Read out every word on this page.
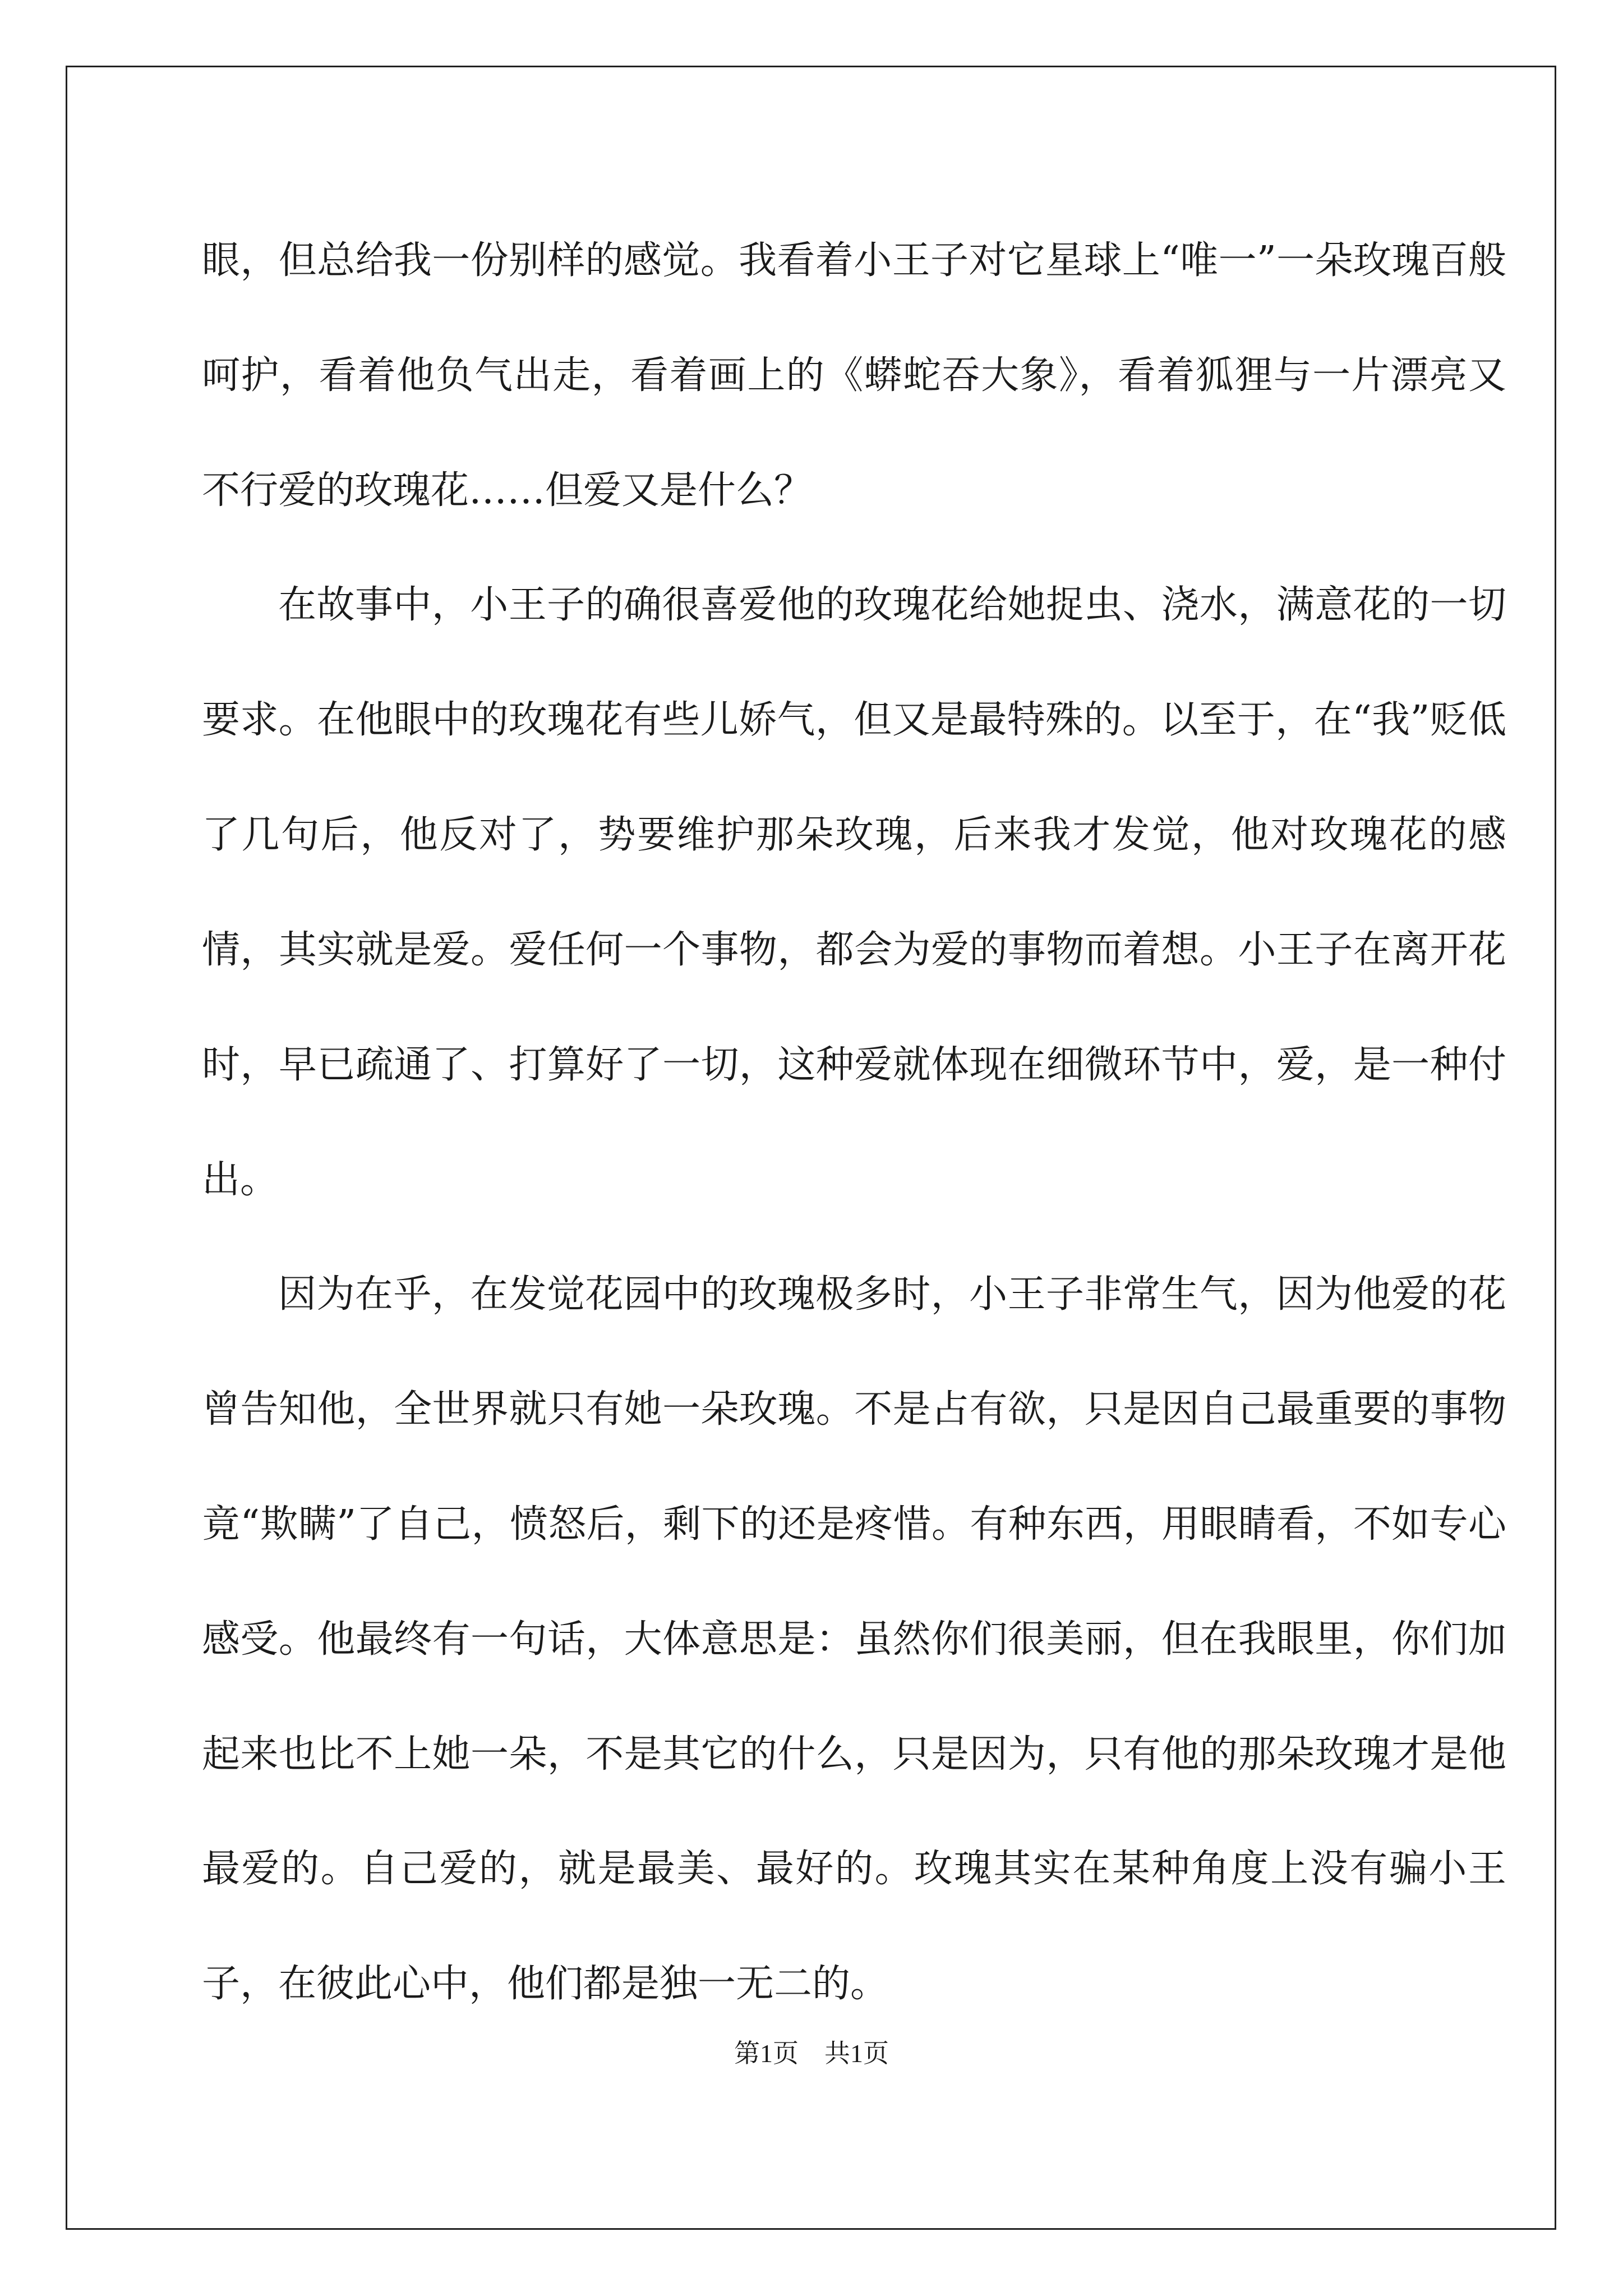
眼，但总给我一份别样的感觉。我看着小王子对它星球上“唯一”一朵玫瑰百般呵护，看着他负气出走，看着画上的《蟒蛇吞大象》，看着狐狸与一片漂亮又不行爱的玫瑰花……但爱又是什么？

在故事中，小王子的确很喜爱他的玫瑰花给她捉虫、浇水，满意花的一切要求。在他眼中的玫瑰花有些儿娇气，但又是最特殊的。以至于，在“我”贬低了几句后，他反对了，势要维护那朵玫瑰，后来我才发觉，他对玫瑰花的感情，其实就是爱。爱任何一个事物，都会为爱的事物而着想。小王子在离开花时，早已疏通了、打算好了一切，这种爱就体现在细微环节中，爱，是一种付出。

因为在乎，在发觉花园中的玫瑰极多时，小王子非常生气，因为他爱的花曾告知他，全世界就只有她一朵玫瑰。不是占有欲，只是因自己最重要的事物竟“欺瞒”了自己，愤怒后，剩下的还是疼惜。有种东西，用眼睛看，不如专心感受。他最终有一句话，大体意思是：虽然你们很美丽，但在我眼里，你们加起来也比不上她一朵，不是其它的什么，只是因为，只有他的那朵玫瑰才是他最爱的。自己爱的，就是最美、最好的。玫瑰其实在某种角度上没有骗小王子，在彼此心中，他们都是独一无二的。

第1页　共1页
